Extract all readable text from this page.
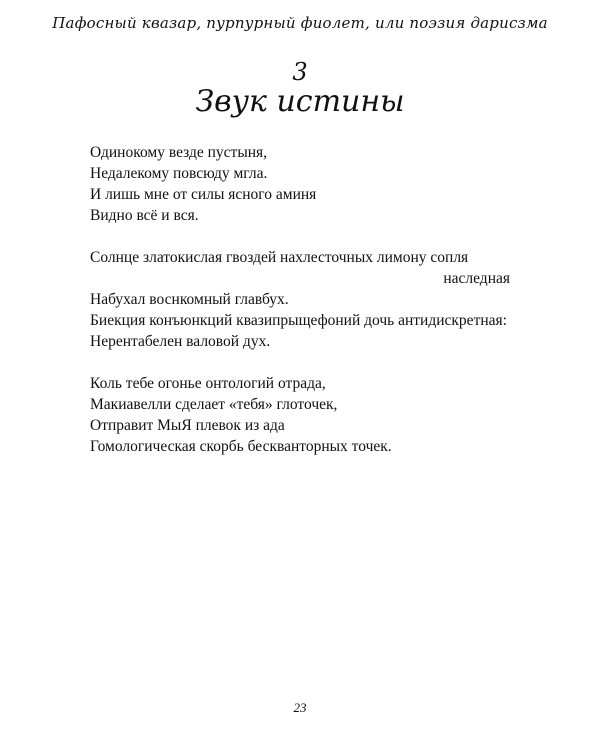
Пафосный квазар, пурпурный фиолет, или поэзия дарисзма
3
Звук истины
Одинокому везде пустыня,
Недалекому повсюду мгла.
И лишь мне от силы ясного аминя
Видно всё и вся.
Солнце златокислая гвоздей нахлесточных лимону сопля
наследная
Набухал воснкомный главбух.
Биекция конъюнкций квазипрыщефоний дочь антидискретная:
Нерентабелен валовой дух.
Коль тебе огонье онтологий отрада,
Макиавелли сделает «тебя» глоточек,
Отправит МыЯ плевок из ада
Гомологическая скорбь бескванторных точек.
23
